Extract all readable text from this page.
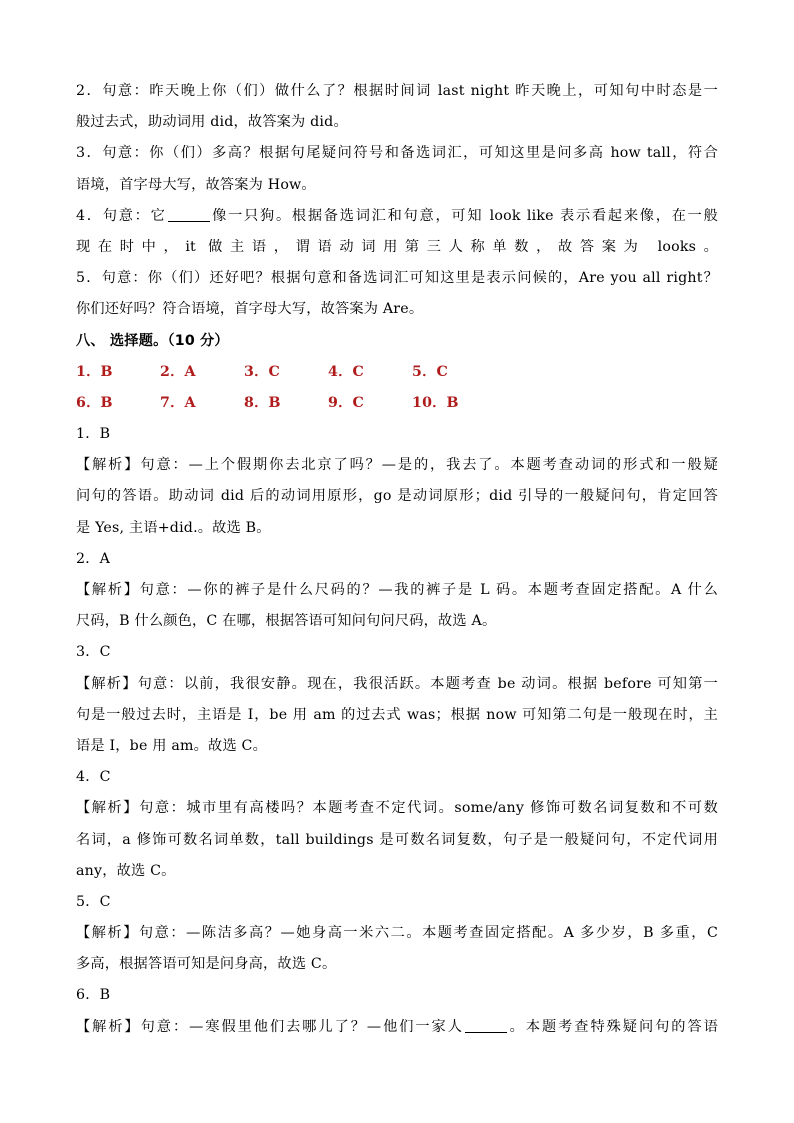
2．句意：昨天晚上你（们）做什么了？根据时间词 last night 昨天晚上，可知句中时态是一
般过去式，助动词用 did，故答案为 did。
3．句意：你（们）多高？根据句尾疑问符号和备选词汇，可知这里是问多高 how tall，符合
语境，首字母大写，故答案为 How。
4．句意：它	像一只狗。根据备选词汇和句意，可知 look like 表示看起来像，在一般
现在时中，it 做主语，谓语动词用第三人称单数，故答案为 looks。
5．句意：你（们）还好吧？根据句意和备选词汇可知这里是表示问候的，Are you all right？
你们还好吗？符合语境，首字母大写，故答案为 Are。
八、 选择题。（10 分）
1．B	2．A	3．C	4．C	5．C
6．B	7．A	8．B	9．C	10．B
1．B
【解析】句意：—上个假期你去北京了吗？—是的，我去了。本题考查动词的形式和一般疑
问句的答语。助动词 did 后的动词用原形，go 是动词原形；did 引导的一般疑问句，肯定回答
是 Yes, 主语+did.。故选 B。
2．A
【解析】句意：—你的裤子是什么尺码的？—我的裤子是 L 码。本题考查固定搭配。A 什么
尺码，B 什么颜色，C 在哪，根据答语可知问句问尺码，故选 A。
3．C
【解析】句意：以前，我很安静。现在，我很活跃。本题考查 be 动词。根据 before 可知第一
句是一般过去时，主语是 I，be 用 am 的过去式 was；根据 now 可知第二句是一般现在时，主
语是 I，be 用 am。故选 C。
4．C
【解析】句意：城市里有高楼吗？本题考查不定代词。some/any 修饰可数名词复数和不可数
名词，a 修饰可数名词单数，tall buildings 是可数名词复数，句子是一般疑问句，不定代词用
any，故选 C。
5．C
【解析】句意：—陈洁多高？—她身高一米六二。本题考查固定搭配。A 多少岁，B 多重，C
多高，根据答语可知是问身高，故选 C。
6．B
【解析】句意：—寒假里他们去哪儿了？—他们一家人	。本题考查特殊疑问句的答语
